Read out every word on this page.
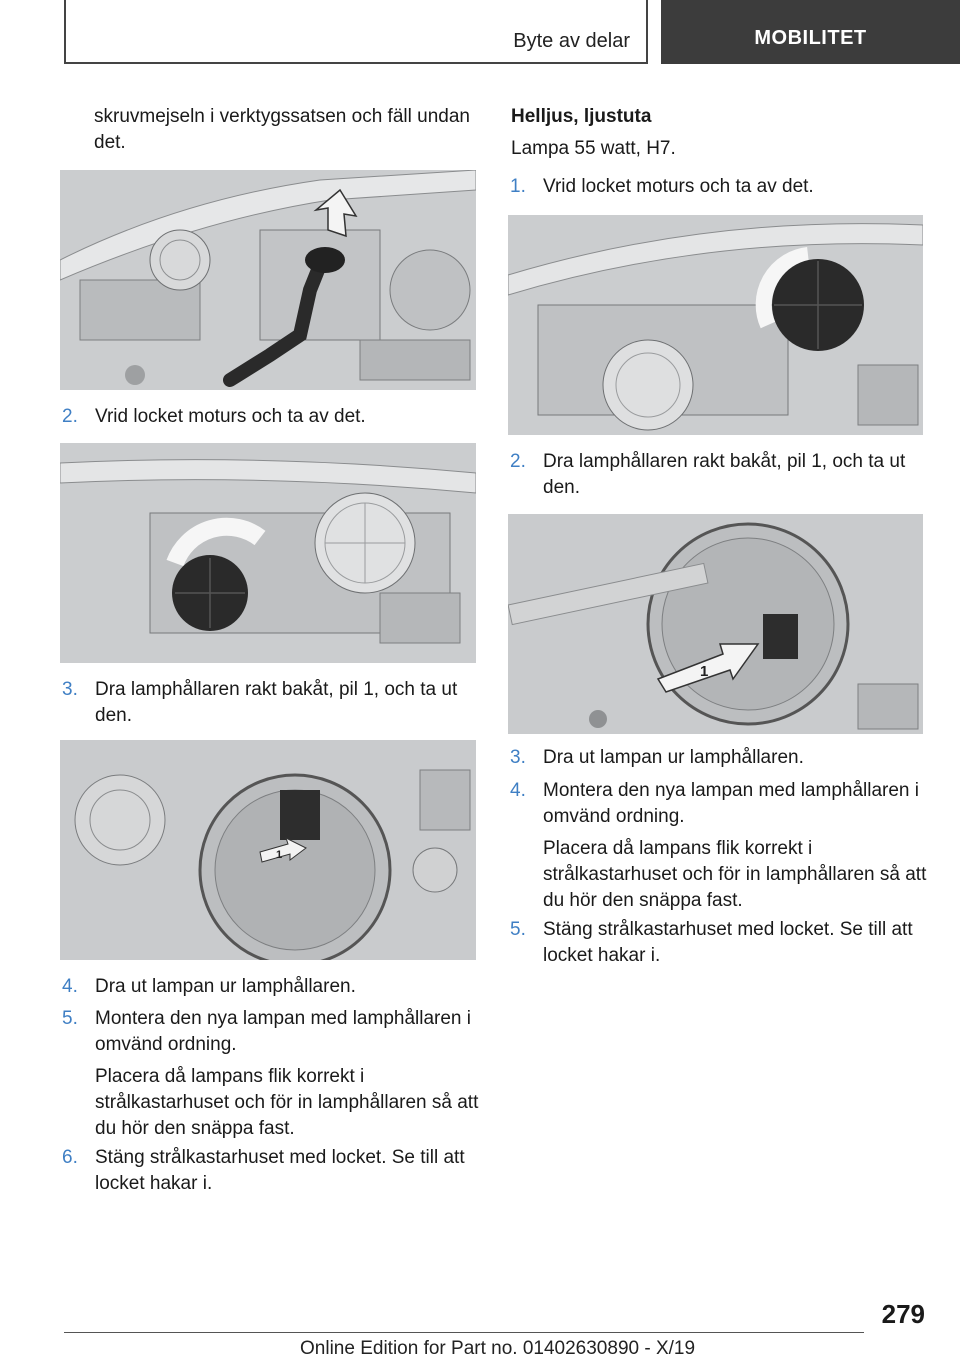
Byte av delar	MOBILITET

skruvmejseln i verktygssatsen och fäll undan det.

2. Vrid locket moturs och ta av det.
3. Dra lamphållaren rakt bakåt, pil 1, och ta ut den.
1
4. Dra ut lampan ur lamphållaren.
5. Montera den nya lampan med lamphållaren i omvänd ordning.
Placera då lampans flik korrekt i strålkastarhuset och för in lamphållaren så att du hör den snäppa fast.
6. Stäng strålkastarhuset med locket. Se till att locket hakar i.
Helljus, ljustuta

Lampa 55 watt, H7.

1. Vrid locket moturs och ta av det.
2. Dra lamphållaren rakt bakåt, pil 1, och ta ut den.
1
3. Dra ut lampan ur lamphållaren.
4. Montera den nya lampan med lamphållaren i omvänd ordning.
Placera då lampans flik korrekt i strålkastarhuset och för in lamphållaren så att du hör den snäppa fast.
5. Stäng strålkastarhuset med locket. Se till att locket hakar i.
279
Online Edition for Part no. 01402630890 - X/19
